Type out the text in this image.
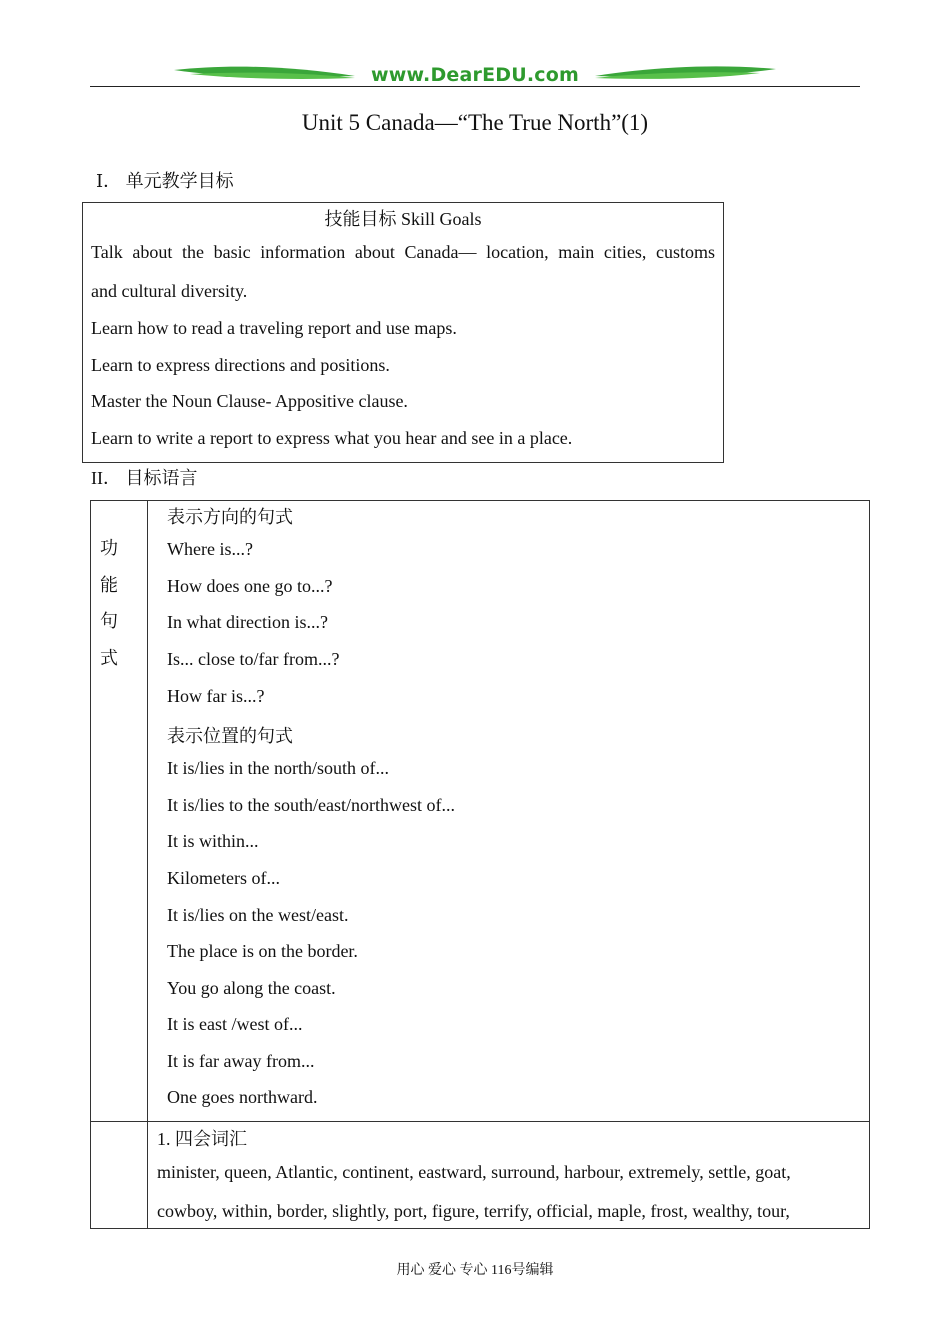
www.DearEDU.com
Unit 5 Canada—“The True North”(1)
Ⅰ． 单元教学目标
技能目标 Skill Goals
Talk about the basic information about Canada— location, main cities, customs
and cultural diversity.
Learn how to read a traveling report and use maps.
Learn to express directions and positions.
Master the Noun Clause- Appositive clause.
Learn to write a report to express what you hear and see in a place.
II． 目标语言
功
能
句
式
表示方向的句式
Where is...?
How does one go to...?
In what direction is...?
Is... close to/far from...?
How far is...?
表示位置的句式
It is/lies in the north/south of...
It is/lies to the south/east/northwest of...
It is within...
Kilometers of...
It is/lies on the west/east.
The place is on the border.
You go along the coast.
It is east /west of...
It is far away from...
One goes northward.
1. 四会词汇
minister, queen, Atlantic, continent, eastward, surround, harbour, extremely, settle, goat,
cowboy, within, border, slightly, port, figure, terrify, official, maple, frost, wealthy, tour,
用心 爱心 专心 116号编辑
